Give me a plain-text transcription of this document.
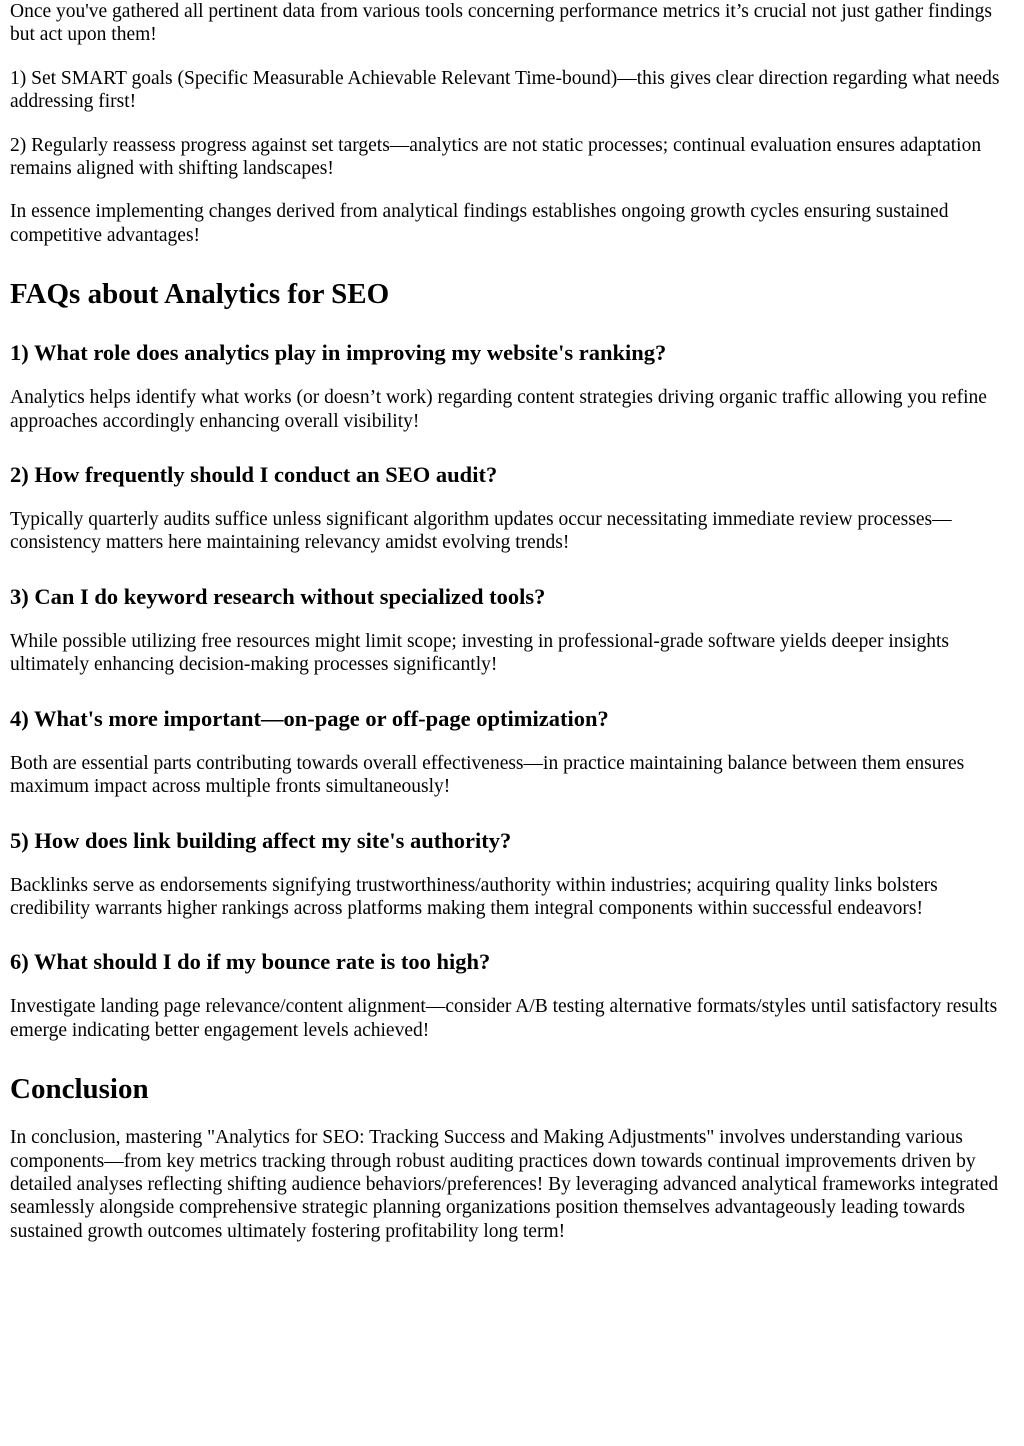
Once you've gathered all pertinent data from various tools concerning performance metrics it’s crucial not just gather findings but act upon them!

1) Set SMART goals (Specific Measurable Achievable Relevant Time-bound)—this gives clear direction regarding what needs addressing first!

2) Regularly reassess progress against set targets—analytics are not static processes; continual evaluation ensures adaptation remains aligned with shifting landscapes!

In essence implementing changes derived from analytical findings establishes ongoing growth cycles ensuring sustained competitive advantages!

FAQs about Analytics for SEO
1) What role does analytics play in improving my website's ranking?

Analytics helps identify what works (or doesn’t work) regarding content strategies driving organic traffic allowing you refine approaches accordingly enhancing overall visibility!

2) How frequently should I conduct an SEO audit?

Typically quarterly audits suffice unless significant algorithm updates occur necessitating immediate review processes—consistency matters here maintaining relevancy amidst evolving trends!

3) Can I do keyword research without specialized tools?

While possible utilizing free resources might limit scope; investing in professional-grade software yields deeper insights ultimately enhancing decision-making processes significantly!

4) What's more important—on-page or off-page optimization?

Both are essential parts contributing towards overall effectiveness—in practice maintaining balance between them ensures maximum impact across multiple fronts simultaneously!

5) How does link building affect my site's authority?

Backlinks serve as endorsements signifying trustworthiness/authority within industries; acquiring quality links bolsters credibility warrants higher rankings across platforms making them integral components within successful endeavors!

6) What should I do if my bounce rate is too high?

Investigate landing page relevance/content alignment—consider A/B testing alternative formats/styles until satisfactory results emerge indicating better engagement levels achieved!

Conclusion

In conclusion, mastering "Analytics for SEO: Tracking Success and Making Adjustments" involves understanding various components—from key metrics tracking through robust auditing practices down towards continual improvements driven by detailed analyses reflecting shifting audience behaviors/preferences! By leveraging advanced analytical frameworks integrated seamlessly alongside comprehensive strategic planning organizations position themselves advantageously leading towards sustained growth outcomes ultimately fostering profitability long term!
